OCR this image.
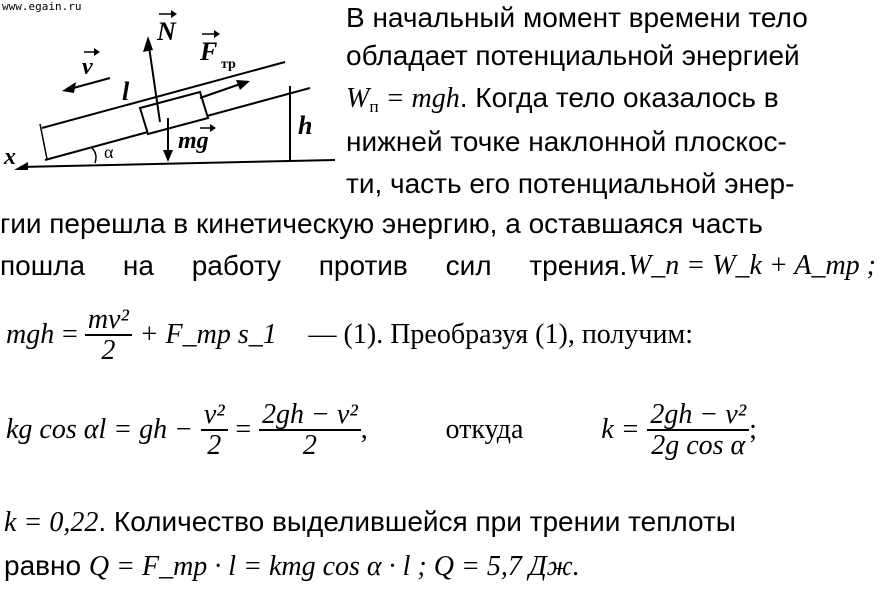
www.egain.ru
v
N
F тр
l
mg
h
x	α
В начальный момент времени тело
обладает потенциальной энергией
$W_п$ = mgh. Когда тело оказалось в
нижней точке наклонной плоскос-
ти, часть его потенциальной энер-
гии перешла в кинетическую энергию, а оставшаяся часть
пошла на работу против сил трения. W_п = W_k + A_тр ;
mgh = $\frac{\text{mv²}}{2}$ + F_тр s_1 — (1). Преобразуя (1), получим:
kg cos αl = gh − $\frac{\text{v²}}{2} = \frac{\text{2gh − v²}}{2}$ ,	откуда	$k = \frac{\text{2gh − v²}}{\text{2g cos α}}$ ;
k = 0,22. Количество выделившейся при трении теплоты
равно Q = F_тр · l = kmg cos α · l ; Q = 5,7 Дж.
